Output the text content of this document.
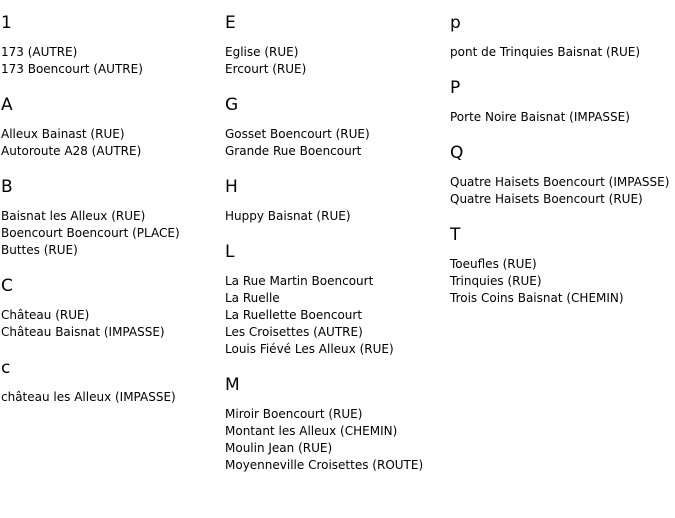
1
173 (AUTRE)
173 Boencourt (AUTRE)
A
Alleux Bainast (RUE)
Autoroute A28 (AUTRE)
B
Baisnat les Alleux (RUE)
Boencourt Boencourt (PLACE)
Buttes (RUE)
C
Château (RUE)
Château Baisnat (IMPASSE)
c
château les Alleux (IMPASSE)
E
Eglise (RUE)
Ercourt (RUE)
G
Gosset Boencourt (RUE)
Grande Rue Boencourt
H
Huppy Baisnat (RUE)
L
La Rue Martin Boencourt
La Ruelle
La Ruellette Boencourt
Les Croisettes (AUTRE)
Louis Fiévé Les Alleux (RUE)
M
Miroir Boencourt (RUE)
Montant les Alleux (CHEMIN)
Moulin Jean (RUE)
Moyenneville Croisettes (ROUTE)
p
pont de Trinquies Baisnat (RUE)
P
Porte Noire Baisnat (IMPASSE)
Q
Quatre Haisets Boencourt (IMPASSE)
Quatre Haisets Boencourt (RUE)
T
Toeufles (RUE)
Trinquies (RUE)
Trois Coins Baisnat (CHEMIN)
